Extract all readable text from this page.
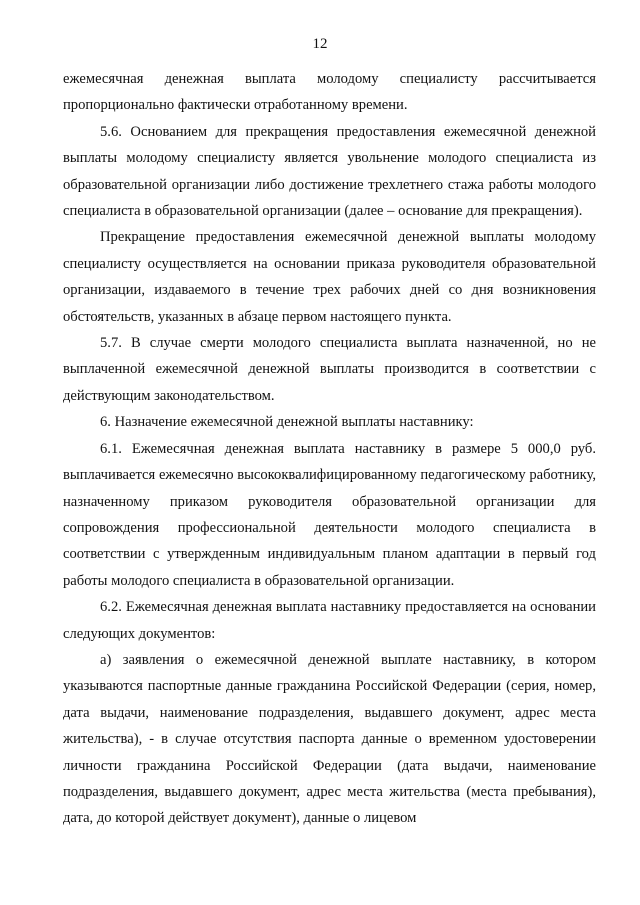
12

ежемесячная денежная выплата молодому специалисту рассчитывается пропорционально фактически отработанному времени.

5.6. Основанием для прекращения предоставления ежемесячной денежной выплаты молодому специалисту является увольнение молодого специалиста из образовательной организации либо достижение трехлетнего стажа работы молодого специалиста в образовательной организации (далее – основание для прекращения).

Прекращение предоставления ежемесячной денежной выплаты молодому специалисту осуществляется на основании приказа руководителя образовательной организации, издаваемого в течение трех рабочих дней со дня возникновения обстоятельств, указанных в абзаце первом настоящего пункта.

5.7. В случае смерти молодого специалиста выплата назначенной, но не выплаченной ежемесячной денежной выплаты производится в соответствии с действующим законодательством.

6. Назначение ежемесячной денежной выплаты наставнику:

6.1. Ежемесячная денежная выплата наставнику в размере 5 000,0 руб. выплачивается ежемесячно высококвалифицированному педагогическому работнику, назначенному приказом руководителя образовательной организации для сопровождения профессиональной деятельности молодого специалиста в соответствии с утвержденным индивидуальным планом адаптации в первый год работы молодого специалиста в образовательной организации.

6.2. Ежемесячная денежная выплата наставнику предоставляется на основании следующих документов:

а) заявления о ежемесячной денежной выплате наставнику, в котором указываются паспортные данные гражданина Российской Федерации (серия, номер, дата выдачи, наименование подразделения, выдавшего документ, адрес места жительства), - в случае отсутствия паспорта данные о временном удостоверении личности гражданина Российской Федерации (дата выдачи, наименование подразделения, выдавшего документ, адрес места жительства (места пребывания), дата, до которой действует документ), данные о лицевом
